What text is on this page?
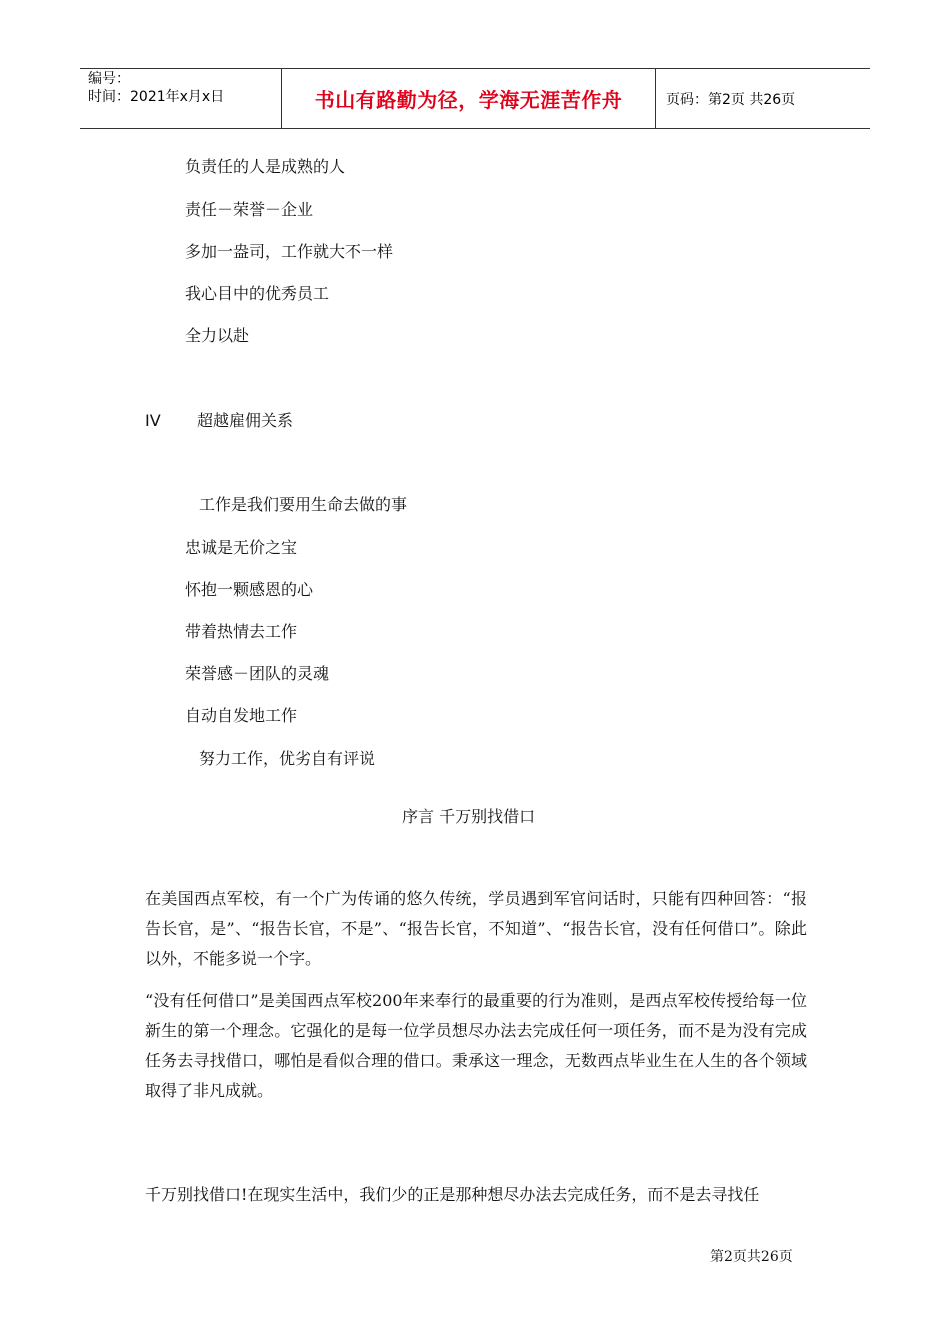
编号：
时间：2021年x月x日	书山有路勤为径，学海无涯苦作舟	页码：第2页 共26页
负责任的人是成熟的人
责任－荣誉－企业
多加一盎司，工作就大不一样
我心目中的优秀员工
全力以赴
IV 超越雇佣关系
工作是我们要用生命去做的事
忠诚是无价之宝
怀抱一颗感恩的心
带着热情去工作
荣誉感－团队的灵魂
自动自发地工作
努力工作，优劣自有评说
序言 千万别找借口
在美国西点军校，有一个广为传诵的悠久传统，学员遇到军官问话时，只能有四种回答：“报告长官，是”、“报告长官，不是”、“报告长官，不知道”、“报告长官，没有任何借口”。除此以外，不能多说一个字。
“没有任何借口”是美国西点军校200年来奉行的最重要的行为准则，是西点军校传授给每一位新生的第一个理念。它强化的是每一位学员想尽办法去完成任何一项任务，而不是为没有完成任务去寻找借口，哪怕是看似合理的借口。秉承这一理念，无数西点毕业生在人生的各个领域取得了非凡成就。
千万别找借口!在现实生活中，我们少的正是那种想尽办法去完成任务，而不是去寻找任
第2页共26页
